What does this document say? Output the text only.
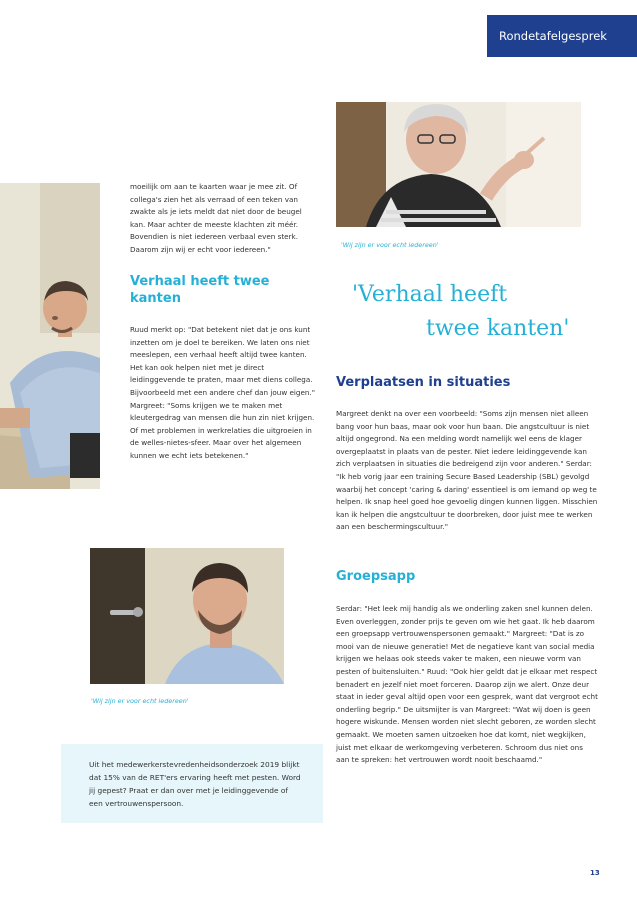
Rondetafelgesprek

moeilijk om aan te kaarten waar je mee zit. Of collega's zien het als verraad of een teken van zwakte als je iets meldt dat niet door de beugel kan. Maar achter de meeste klachten zit méér. Bovendien is niet iedereen verbaal even sterk. Daarom zijn wij er echt voor iedereen."

Verhaal heeft twee kanten

Ruud merkt op: "Dat betekent niet dat je ons kunt inzetten om je doel te bereiken. We laten ons niet meeslepen, een verhaal heeft altijd twee kanten. Het kan ook helpen niet met je direct leidinggevende te praten, maar met diens collega. Bijvoorbeeld met een andere chef dan jouw eigen." Margreet: "Soms krijgen we te maken met kleutergedrag van mensen die hun zin niet krijgen. Of met problemen in werkrelaties die uitgroeien in de welles-nietes-sfeer. Maar over het algemeen kunnen we echt iets betekenen."

'Wij zijn er voor echt iedereen'
'Verhaal heeft
twee kanten'
Verplaatsen in situaties

Margreet denkt na over een voorbeeld: "Soms zijn mensen niet alleen bang voor hun baas, maar ook voor hun baan. Die angstcultuur is niet altijd ongegrond. Na een melding wordt namelijk wel eens de klager overgeplaatst in plaats van de pester. Niet iedere leidinggevende kan zich verplaatsen in situaties die bedreigend zijn voor anderen." Serdar: "Ik heb vorig jaar een training Secure Based Leadership (SBL) gevolgd waarbij het concept 'caring & daring' essentieel is om iemand op weg te helpen. Ik snap heel goed hoe gevoelig dingen kunnen liggen. Misschien kan ik helpen die angstcultuur te doorbreken, door juist mee te werken aan een beschermingscultuur."

Groepsapp

Serdar: "Het leek mij handig als we onderling zaken snel kunnen delen. Even overleggen, zonder prijs te geven om wie het gaat. Ik heb daarom een groepsapp vertrouwenspersonen gemaakt." Margreet: "Dat is zo mooi van de nieuwe generatie! Met de negatieve kant van social media krijgen we helaas ook steeds vaker te maken, een nieuwe vorm van pesten of buitensluiten." Ruud: "Ook hier geldt dat je elkaar met respect benadert en jezelf niet moet forceren. Daarop zijn we alert. Onze deur staat in ieder geval altijd open voor een gesprek, want dat vergroot echt onderling begrip." De uitsmijter is van Margreet: "Wat wij doen is geen hogere wiskunde. Mensen worden niet slecht geboren, ze worden slecht gemaakt. We moeten samen uitzoeken hoe dat komt, niet wegkijken, juist met elkaar de werkomgeving verbeteren. Schroom dus niet ons aan te spreken: het vertrouwen wordt nooit beschaamd."

'Wij zijn er voor echt iedereen'

Uit het medewerkerstevredenheidsonderzoek 2019 blijkt dat 15% van de RET'ers ervaring heeft met pesten. Word jij gepest? Praat er dan over met je leidinggevende of een vertrouwenspersoon.

13
